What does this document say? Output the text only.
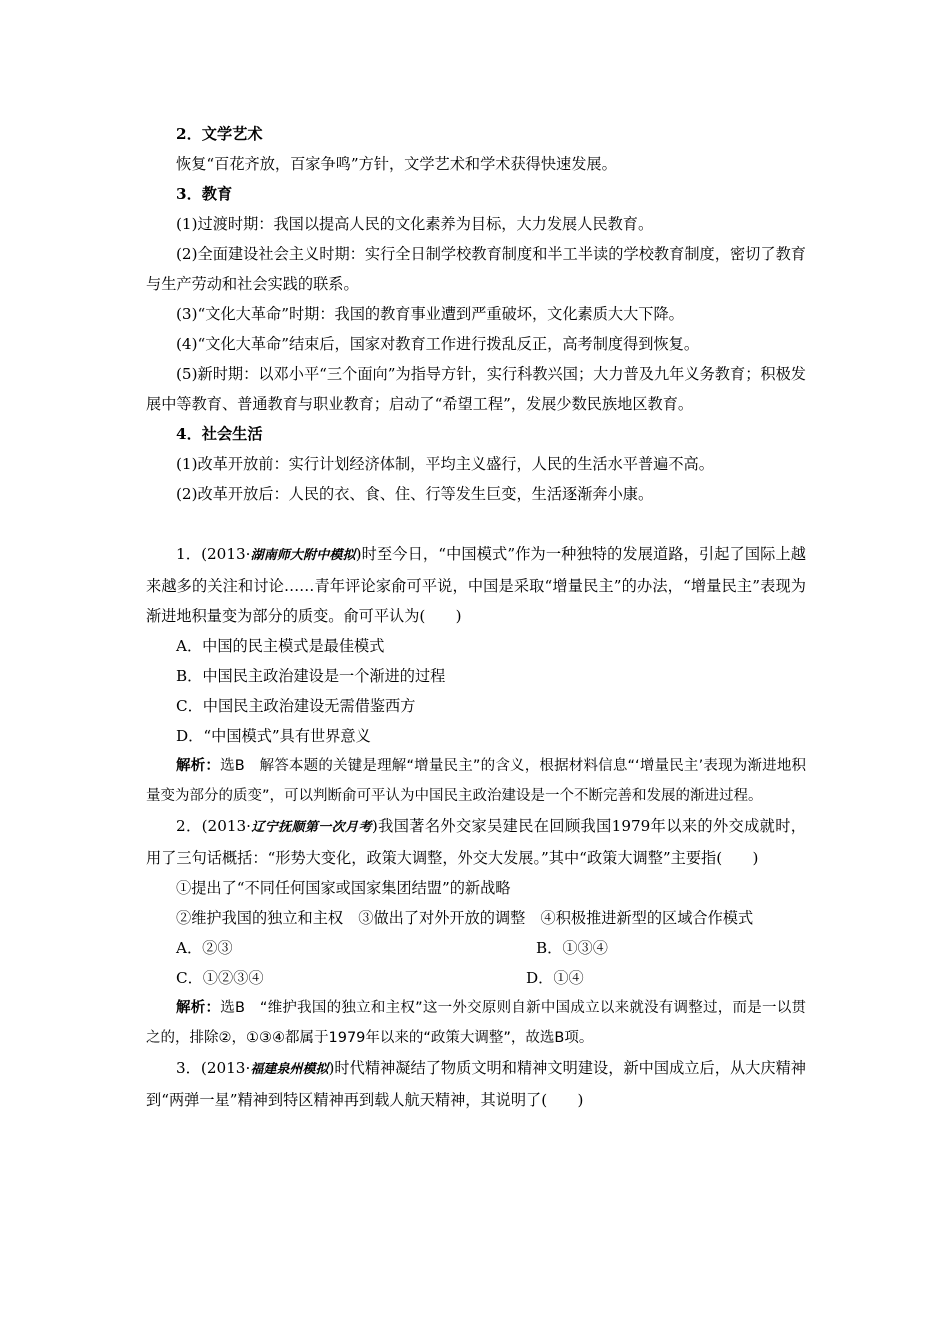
2．文学艺术

恢复“百花齐放，百家争鸣”方针，文学艺术和学术获得快速发展。

3．教育

(1)过渡时期：我国以提高人民的文化素养为目标，大力发展人民教育。

(2)全面建设社会主义时期：实行全日制学校教育制度和半工半读的学校教育制度，密切了教育与生产劳动和社会实践的联系。

(3)“文化大革命”时期：我国的教育事业遭到严重破坏，文化素质大大下降。

(4)“文化大革命”结束后，国家对教育工作进行拨乱反正，高考制度得到恢复。

(5)新时期：以邓小平“三个面向”为指导方针，实行科教兴国；大力普及九年义务教育；积极发展中等教育、普通教育与职业教育；启动了“希望工程”，发展少数民族地区教育。

4．社会生活

(1)改革开放前：实行计划经济体制，平均主义盛行，人民的生活水平普遍不高。

(2)改革开放后：人民的衣、食、住、行等发生巨变，生活逐渐奔小康。

1．(2013·湖南师大附中模拟)时至今日，“中国模式”作为一种独特的发展道路，引起了国际上越来越多的关注和讨论……青年评论家俞可平说，中国是采取“增量民主”的办法，“增量民主”表现为渐进地积量变为部分的质变。俞可平认为(　　)

A．中国的民主模式是最佳模式

B．中国民主政治建设是一个渐进的过程

C．中国民主政治建设无需借鉴西方

D．“中国模式”具有世界意义

解析：选B　解答本题的关键是理解“增量民主”的含义，根据材料信息“‘增量民主’表现为渐进地积量变为部分的质变”，可以判断俞可平认为中国民主政治建设是一个不断完善和发展的渐进过程。

2．(2013·辽宁抚顺第一次月考)我国著名外交家吴建民在回顾我国1979年以来的外交成就时，用了三句话概括：“形势大变化，政策大调整，外交大发展。”其中“政策大调整”主要指(　　)

①提出了“不同任何国家或国家集团结盟”的新战略

②维护我国的独立和主权　③做出了对外开放的调整　④积极推进新型的区域合作模式

A．②③	B．①③④
C．①②③④	D．①④

解析：选B　“维护我国的独立和主权”这一外交原则自新中国成立以来就没有调整过，而是一以贯之的，排除②，①③④都属于1979年以来的“政策大调整”，故选B项。

3．(2013·福建泉州模拟)时代精神凝结了物质文明和精神文明建设，新中国成立后，从大庆精神到“两弹一星”精神到特区精神再到载人航天精神，其说明了(　　)
